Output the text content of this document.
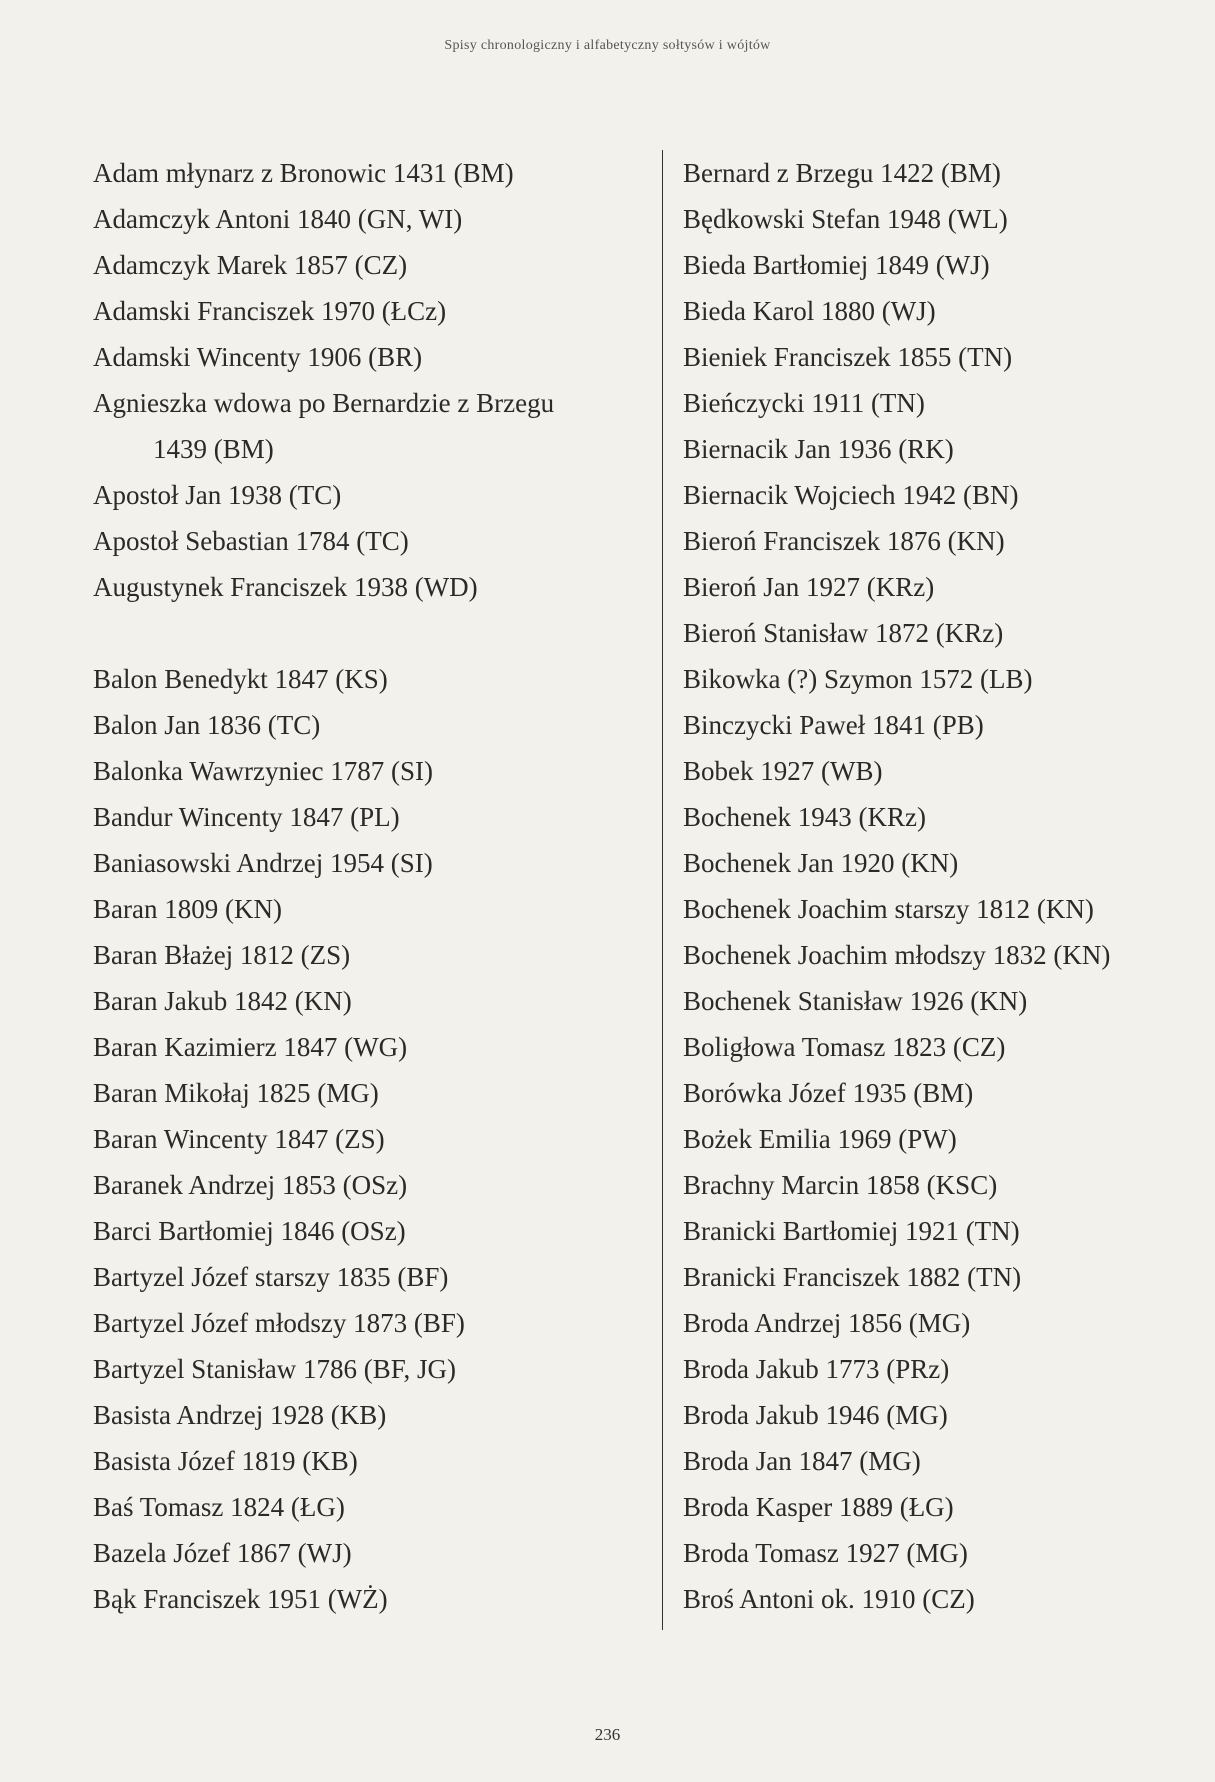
Spisy chronologiczny i alfabetyczny sołtysów i wójtów
Adam młynarz z Bronowic 1431 (BM)
Adamczyk Antoni 1840 (GN, WI)
Adamczyk Marek 1857 (CZ)
Adamski Franciszek 1970 (ŁCz)
Adamski Wincenty 1906 (BR)
Agnieszka wdowa po Bernardzie z Brzegu
1439 (BM)
Apostoł Jan 1938 (TC)
Apostoł Sebastian 1784 (TC)
Augustynek Franciszek 1938 (WD)
Balon Benedykt 1847 (KS)
Balon Jan 1836 (TC)
Balonka Wawrzyniec 1787 (SI)
Bandur Wincenty 1847 (PL)
Baniasowski Andrzej 1954 (SI)
Baran 1809 (KN)
Baran Błażej 1812 (ZS)
Baran Jakub 1842 (KN)
Baran Kazimierz 1847 (WG)
Baran Mikołaj 1825 (MG)
Baran Wincenty 1847 (ZS)
Baranek Andrzej 1853 (OSz)
Barci Bartłomiej 1846 (OSz)
Bartyzel Józef starszy 1835 (BF)
Bartyzel Józef młodszy 1873 (BF)
Bartyzel Stanisław 1786 (BF, JG)
Basista Andrzej 1928 (KB)
Basista Józef 1819 (KB)
Baś Tomasz 1824 (ŁG)
Bazela Józef 1867 (WJ)
Bąk Franciszek 1951 (WŻ)
Bernard z Brzegu 1422 (BM)
Będkowski Stefan 1948 (WL)
Bieda Bartłomiej 1849 (WJ)
Bieda Karol 1880 (WJ)
Bieniek Franciszek 1855 (TN)
Bieńczycki 1911 (TN)
Biernacik Jan 1936 (RK)
Biernacik Wojciech 1942 (BN)
Bieroń Franciszek 1876 (KN)
Bieroń Jan 1927 (KRz)
Bieroń Stanisław 1872 (KRz)
Bikowka (?) Szymon 1572 (LB)
Binczycki Paweł 1841 (PB)
Bobek 1927 (WB)
Bochenek 1943 (KRz)
Bochenek Jan 1920 (KN)
Bochenek Joachim starszy 1812 (KN)
Bochenek Joachim młodszy 1832 (KN)
Bochenek Stanisław 1926 (KN)
Boligłowa Tomasz 1823 (CZ)
Borówka Józef 1935 (BM)
Bożek Emilia 1969 (PW)
Brachny Marcin 1858 (KSC)
Branicki Bartłomiej 1921 (TN)
Branicki Franciszek 1882 (TN)
Broda Andrzej 1856 (MG)
Broda Jakub 1773 (PRz)
Broda Jakub 1946 (MG)
Broda Jan 1847 (MG)
Broda Kasper 1889 (ŁG)
Broda Tomasz 1927 (MG)
Broś Antoni ok. 1910 (CZ)
236
